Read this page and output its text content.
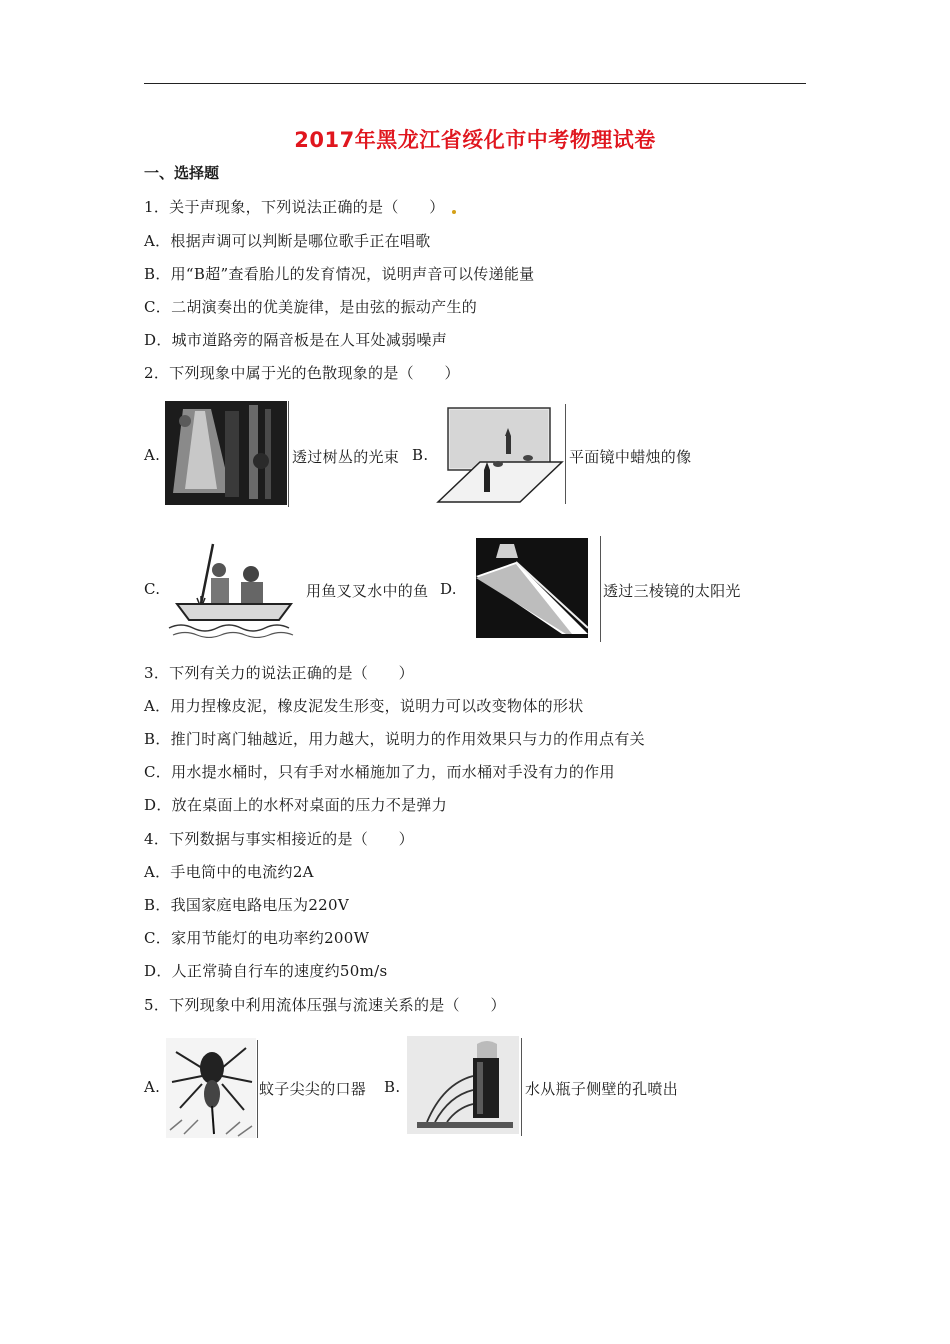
2017年黑龙江省绥化市中考物理试卷
一、选择题
1．关于声现象，下列说法正确的是（　　）
A．根据声调可以判断是哪位歌手正在唱歌
B．用“B超”查看胎儿的发育情况，说明声音可以传递能量
C．二胡演奏出的优美旋律，是由弦的振动产生的
D．城市道路旁的隔音板是在人耳处减弱噪声
2．下列现象中属于光的色散现象的是（　　）
A.	透过树丛的光束 B.	平面镜中蜡烛的像
C.	用鱼叉叉水中的鱼 D.	透过三棱镜的太阳光
3．下列有关力的说法正确的是（　　）
A．用力捏橡皮泥，橡皮泥发生形变，说明力可以改变物体的形状
B．推门时离门轴越近，用力越大，说明力的作用效果只与力的作用点有关
C．用水提水桶时，只有手对水桶施加了力，而水桶对手没有力的作用
D．放在桌面上的水杯对桌面的压力不是弹力
4．下列数据与事实相接近的是（　　）
A．手电筒中的电流约2A
B．我国家庭电路电压为220V
C．家用节能灯的电功率约200W
D．人正常骑自行车的速度约50m/s
5．下列现象中利用流体压强与流速关系的是（　　）
A.	蚊子尖尖的口器 B.	水从瓶子侧壁的孔喷出
